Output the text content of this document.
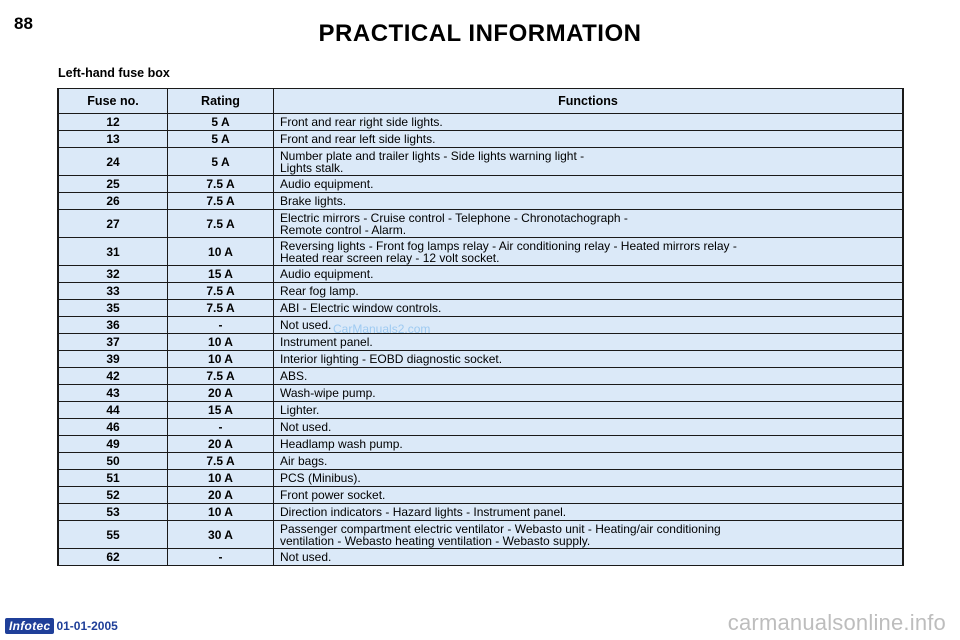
88	PRACTICAL INFORMATION
Left-hand fuse box
Fuse no.	Rating	Functions
12	5 A	Front and rear right side lights.
13	5 A	Front and rear left side lights.
24	5 A	Number plate and trailer lights - Side lights warning light -
Lights stalk.
25	7.5 A	Audio equipment.
26	7.5 A	Brake lights.
27	7.5 A	Electric mirrors - Cruise control - Telephone - Chronotachograph -
Remote control - Alarm.
31	10 A	Reversing lights - Front fog lamps relay - Air conditioning relay - Heated mirrors relay -
Heated rear screen relay - 12 volt socket.
32	15 A	Audio equipment.
33	7.5 A	Rear fog lamp.
35	7.5 A	ABI - Electric window controls.
36	-	Not used.
37	10 A	Instrument panel.
39	10 A	Interior lighting - EOBD diagnostic socket.
42	7.5 A	ABS.
43	20 A	Wash-wipe pump.
44	15 A	Lighter.
46	-	Not used.
49	20 A	Headlamp wash pump.
50	7.5 A	Air bags.
51	10 A	PCS (Minibus).
52	20 A	Front power socket.
53	10 A	Direction indicators - Hazard lights - Instrument panel.
55	30 A	Passenger compartment electric ventilator - Webasto unit - Heating/air conditioning
ventilation - Webasto heating ventilation - Webasto supply.
62	-	Not used.
CarManuals2.com
Infotec 01-01-2005	carmanualsonline.info
